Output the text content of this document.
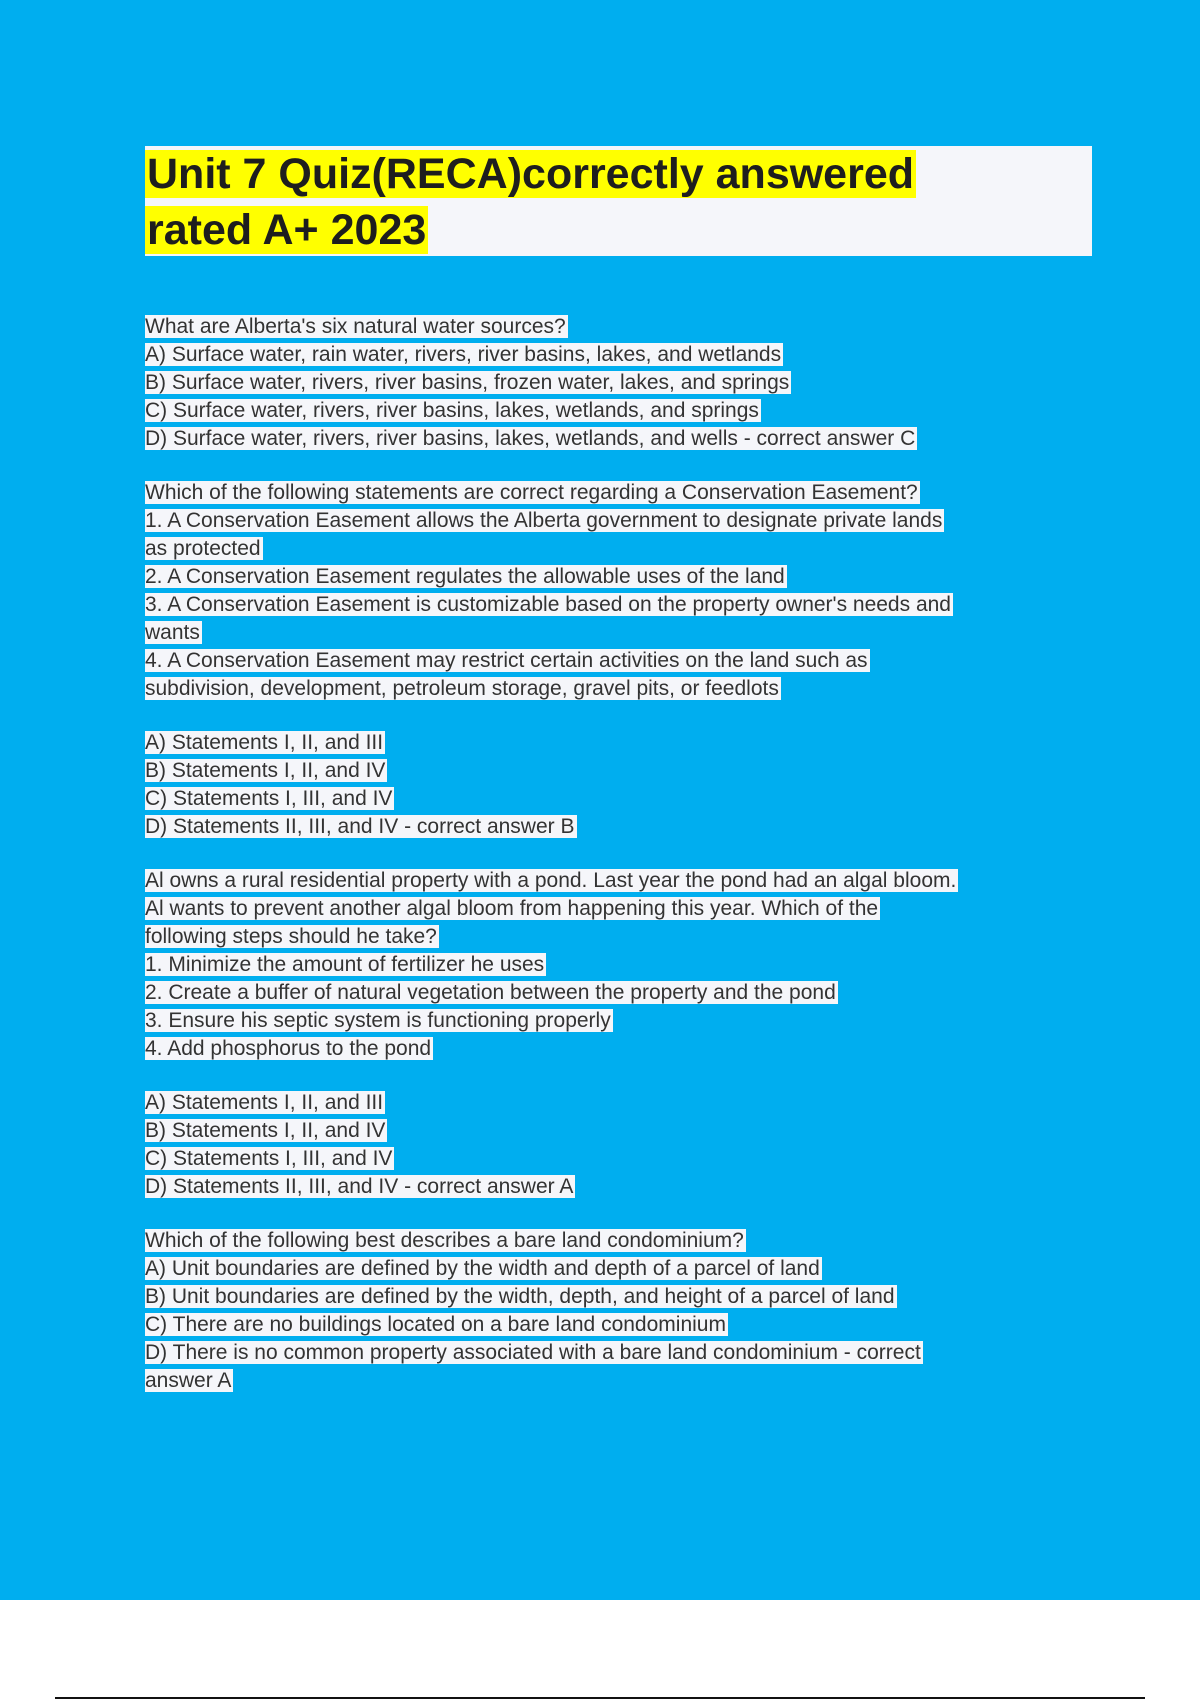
Unit 7 Quiz(RECA)correctly answered
rated A+ 2023
What are Alberta's six natural water sources?
A) Surface water, rain water, rivers, river basins, lakes, and wetlands
B) Surface water, rivers, river basins, frozen water, lakes, and springs
C) Surface water, rivers, river basins, lakes, wetlands, and springs
D) Surface water, rivers, river basins, lakes, wetlands, and wells - correct answer C
Which of the following statements are correct regarding a Conservation Easement?
1. A Conservation Easement allows the Alberta government to designate private lands
as protected
2. A Conservation Easement regulates the allowable uses of the land
3. A Conservation Easement is customizable based on the property owner's needs and
wants
4. A Conservation Easement may restrict certain activities on the land such as
subdivision, development, petroleum storage, gravel pits, or feedlots
A) Statements I, II, and III
B) Statements I, II, and IV
C) Statements I, III, and IV
D) Statements II, III, and IV - correct answer B
Al owns a rural residential property with a pond. Last year the pond had an algal bloom.
Al wants to prevent another algal bloom from happening this year. Which of the
following steps should he take?
1. Minimize the amount of fertilizer he uses
2. Create a buffer of natural vegetation between the property and the pond
3. Ensure his septic system is functioning properly
4. Add phosphorus to the pond
A) Statements I, II, and III
B) Statements I, II, and IV
C) Statements I, III, and IV
D) Statements II, III, and IV - correct answer A
Which of the following best describes a bare land condominium?
A) Unit boundaries are defined by the width and depth of a parcel of land
B) Unit boundaries are defined by the width, depth, and height of a parcel of land
C) There are no buildings located on a bare land condominium
D) There is no common property associated with a bare land condominium - correct
answer A
